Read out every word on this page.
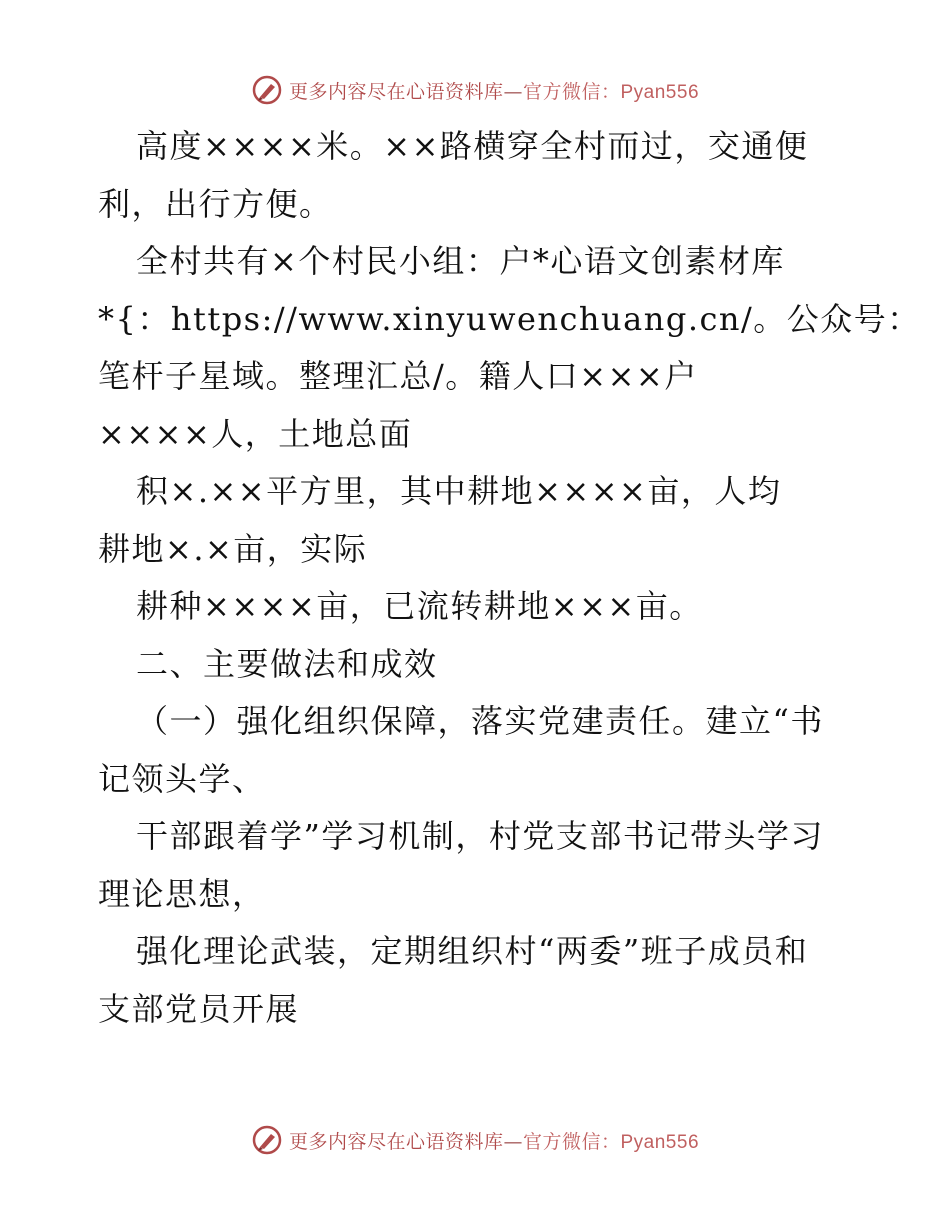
更多内容尽在心语资料库—官方微信：Pyan556
高度××××米。××路横穿全村而过，交通便
利，出行方便。
全村共有×个村民小组：户*心语文创素材库
*{：https://www.xinyuwenchuang.cn/。公众号：
笔杆子星域。整理汇总/。籍人口×××户
××××人，土地总面
积×.××平方里，其中耕地××××亩，人均
耕地×.×亩，实际
耕种××××亩，已流转耕地×××亩。
二、主要做法和成效
（一）强化组织保障，落实党建责任。建立“书
记领头学、
干部跟着学”学习机制，村党支部书记带头学习
理论思想，
强化理论武装，定期组织村“两委”班子成员和
支部党员开展
更多内容尽在心语资料库—官方微信：Pyan556
